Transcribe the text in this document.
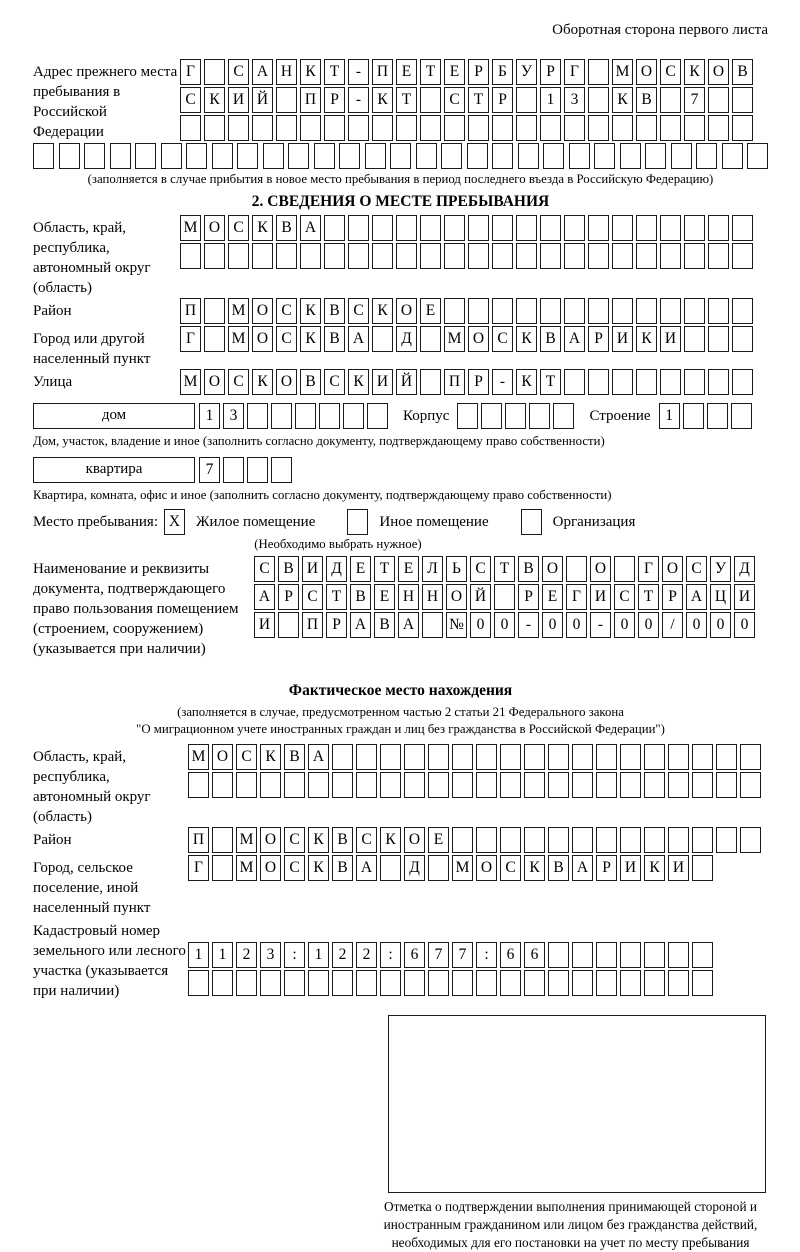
Оборотная сторона первого листа
Адрес прежнего места пребывания в Российской Федерации
Г С А Н К Т - П Е Т Е Р Б У Р Г М О С К О В
С К И Й П Р - К Т С Т Р	1 3	К В	7
(заполняется в случае прибытия в новое место пребывания в период последнего въезда в Российскую Федерацию)
2. СВЕДЕНИЯ О МЕСТЕ ПРЕБЫВАНИЯ
Область, край, республика, автономный округ (область)
М О С К В А
Район	П М О С К В С К О Е
Город или другой населенный пункт
Г М О С К В А Д М О С К В А Р И К И
Улица	М О С К О В С К И Й П Р - К Т
дом	1 3	Корпус	Строение 1
Дом, участок, владение и иное (заполнить согласно документу, подтверждающему право собственности)
квартира	7
Квартира, комната, офис и иное (заполнить согласно документу, подтверждающему право собственности)
Место пребывания: X	Жилое помещение	Иное помещение	Организация
(Необходимо выбрать нужное)
Наименование и реквизиты документа, подтверждающего право пользования помещением (строением, сооружением) (указывается при наличии)
С В И Д Е Т Е Л Ь С Т В О О Г О С У Д
А Р С Т В Е Н Н О Й Р Е Г И С Т Р А Ц И
И П Р А В А № 0 0 - 0 0 - 0 0 / 0 0 0
Фактическое место нахождения
(заполняется в случае, предусмотренном частью 2 статьи 21 Федерального закона
"О миграционном учете иностранных граждан и лиц без гражданства в Российской Федерации")
Область, край, республика, автономный округ (область)
М О С К В А
Район	П М О С К В С К О Е
Город, сельское поселение, иной населенный пункт
Г М О С К В А Д М О С К В А Р И К И
Кадастровый номер земельного или лесного участка (указывается при наличии)
1 1 2 3 : 1 2 2 : 6 7 7 : 6 6
Отметка о подтверждении выполнения принимающей стороной и иностранным гражданином или лицом без гражданства действий, необходимых для его постановки на учет по месту пребывания
